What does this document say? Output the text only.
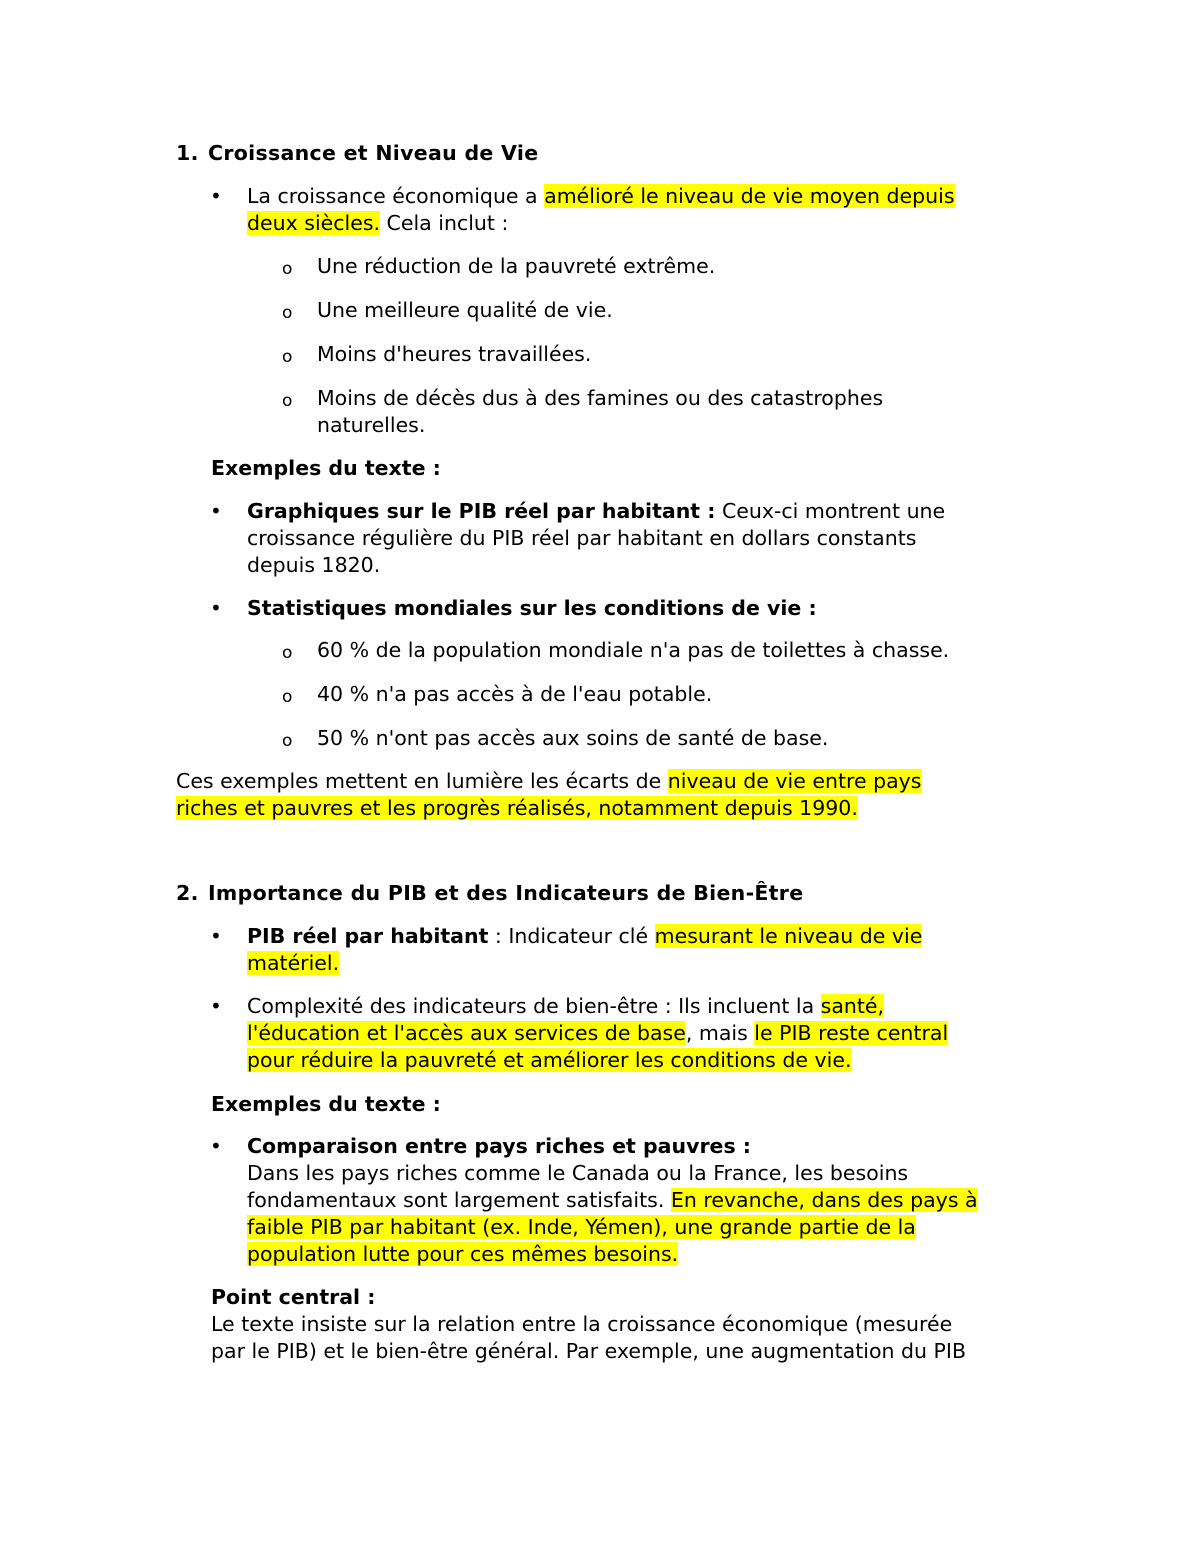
1. Croissance et Niveau de Vie
• La croissance économique a amélioré le niveau de vie moyen depuis
deux siècles. Cela inclut :
o Une réduction de la pauvreté extrême.
o Une meilleure qualité de vie.
o Moins d'heures travaillées.
o Moins de décès dus à des famines ou des catastrophes
naturelles.
Exemples du texte :
• Graphiques sur le PIB réel par habitant : Ceux-ci montrent une
croissance régulière du PIB réel par habitant en dollars constants
depuis 1820.
• Statistiques mondiales sur les conditions de vie :
o 60 % de la population mondiale n'a pas de toilettes à chasse.
o 40 % n'a pas accès à de l'eau potable.
o 50 % n'ont pas accès aux soins de santé de base.
Ces exemples mettent en lumière les écarts de niveau de vie entre pays
riches et pauvres et les progrès réalisés, notamment depuis 1990.
2. Importance du PIB et des Indicateurs de Bien-Être
• PIB réel par habitant : Indicateur clé mesurant le niveau de vie
matériel.
• Complexité des indicateurs de bien-être : Ils incluent la santé,
l'éducation et l'accès aux services de base, mais le PIB reste central
pour réduire la pauvreté et améliorer les conditions de vie.
Exemples du texte :
• Comparaison entre pays riches et pauvres :
Dans les pays riches comme le Canada ou la France, les besoins
fondamentaux sont largement satisfaits. En revanche, dans des pays à
faible PIB par habitant (ex. Inde, Yémen), une grande partie de la
population lutte pour ces mêmes besoins.
Point central :
Le texte insiste sur la relation entre la croissance économique (mesurée
par le PIB) et le bien-être général. Par exemple, une augmentation du PIB
